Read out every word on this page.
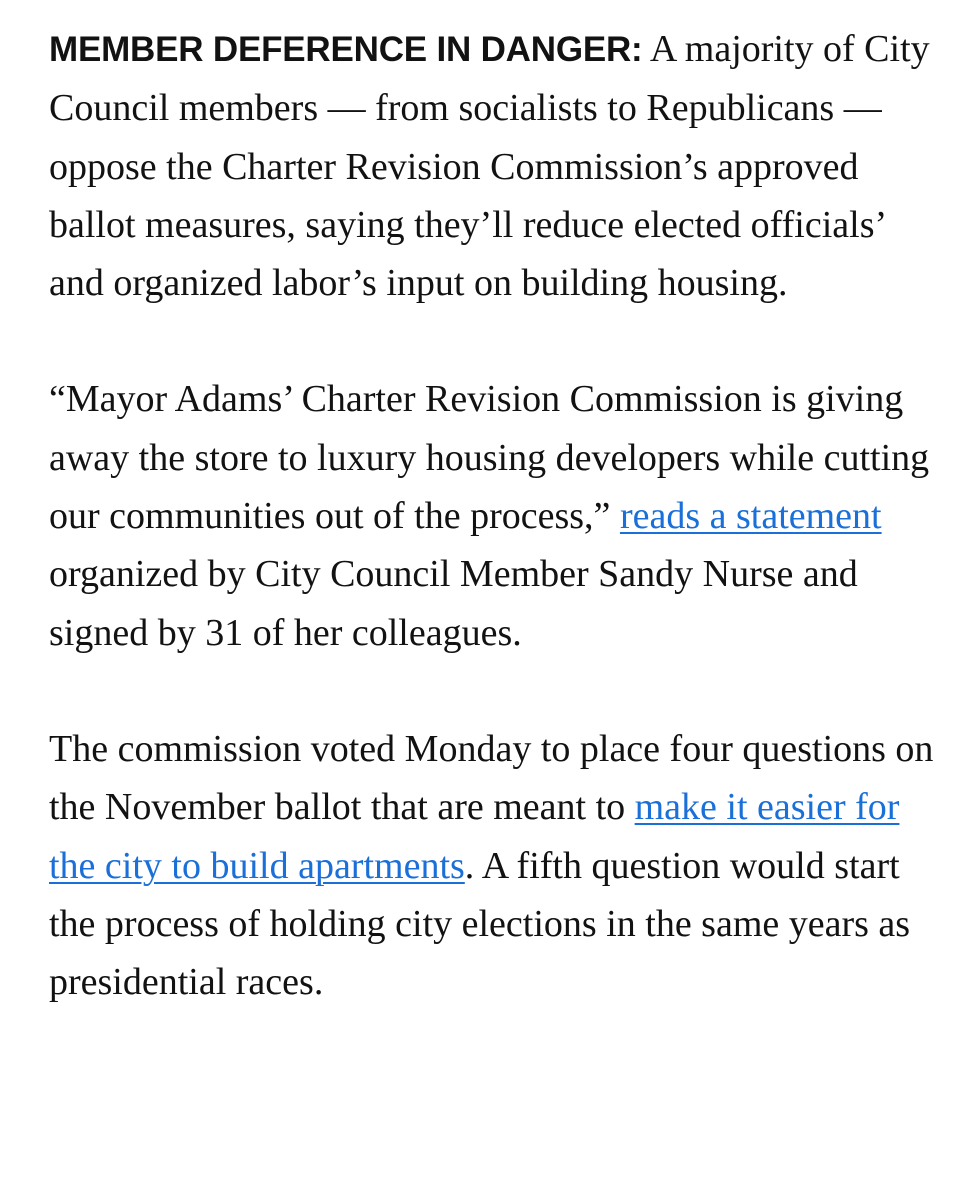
MEMBER DEFERENCE IN DANGER: A majority of City Council members — from socialists to Republicans — oppose the Charter Revision Commission’s approved ballot measures, saying they’ll reduce elected officials’ and organized labor’s input on building housing.

“Mayor Adams’ Charter Revision Commission is giving away the store to luxury housing developers while cutting our communities out of the process,” reads a statement organized by City Council Member Sandy Nurse and signed by 31 of her colleagues.

The commission voted Monday to place four questions on the November ballot that are meant to make it easier for the city to build apartments. A fifth question would start the process of holding city elections in the same years as presidential races.
